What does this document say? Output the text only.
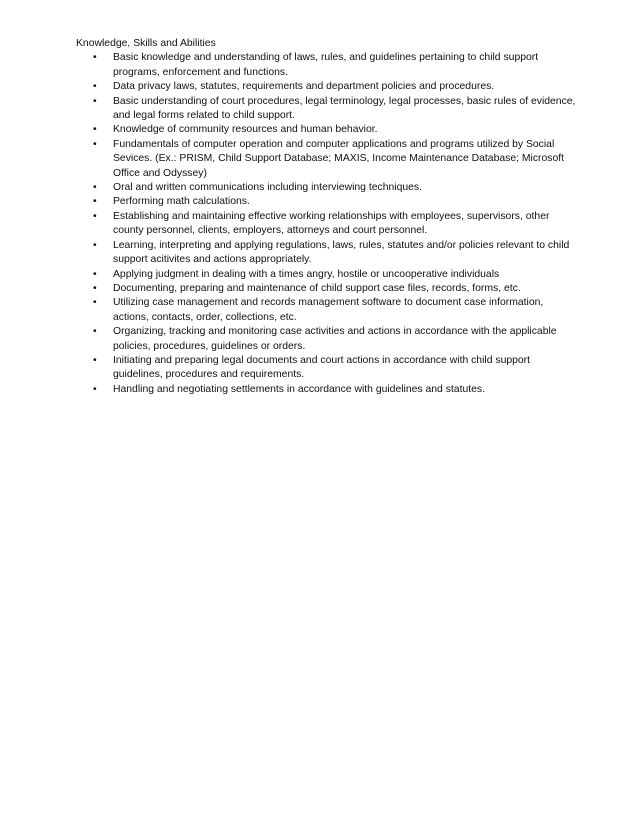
Knowledge, Skills and Abilities

• Basic knowledge and understanding of laws, rules, and guidelines pertaining to child support programs, enforcement and functions.
• Data privacy laws, statutes, requirements and department policies and procedures.
• Basic understanding of court procedures, legal terminology, legal processes, basic rules of evidence, and legal forms related to child support.
• Knowledge of community resources and human behavior.
• Fundamentals of computer operation and computer applications and programs utilized by Social Sevices. (Ex.: PRISM, Child Support Database; MAXIS, Income Maintenance Database; Microsoft Office and Odyssey)
• Oral and written communications including interviewing techniques.
• Performing math calculations.
• Establishing and maintaining effective working relationships with employees, supervisors, other county personnel, clients, employers, attorneys and court personnel.
• Learning, interpreting and applying regulations, laws, rules, statutes and/or policies relevant to child support acitivites and actions appropriately.
• Applying judgment in dealing with a times angry, hostile or uncooperative individuals
• Documenting, preparing and maintenance of child support case files, records, forms, etc.
• Utilizing case management and records management software to document case information, actions, contacts, order, collections, etc.
• Organizing, tracking and monitoring case activities and actions in accordance with the applicable policies, procedures, guidelines or orders.
• Initiating and preparing legal documents and court actions in accordance with child support guidelines, procedures and requirements.
• Handling and negotiating settlements in accordance with guidelines and statutes.
